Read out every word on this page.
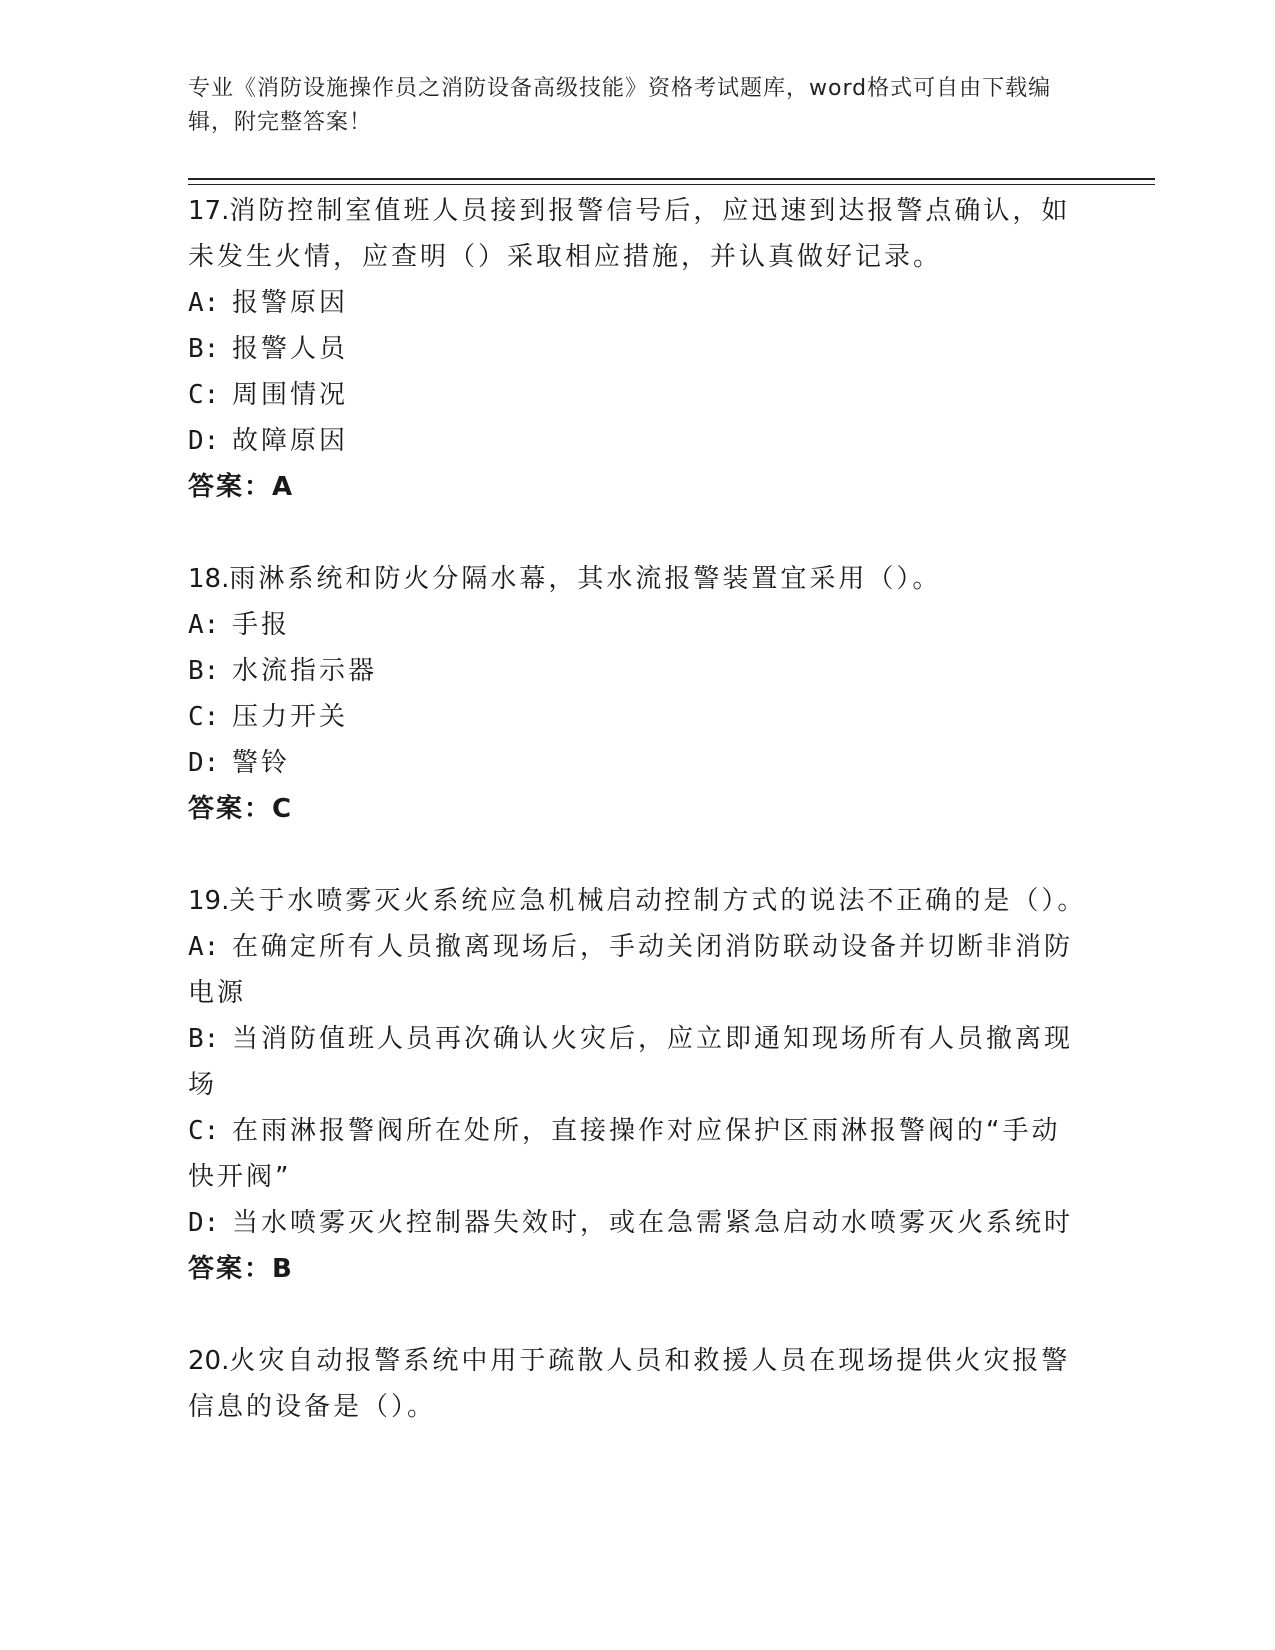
专业《消防设施操作员之消防设备高级技能》资格考试题库，word格式可自由下载编辑，附完整答案！

17.消防控制室值班人员接到报警信号后，应迅速到达报警点确认，如未发生火情，应查明（）采取相应措施，并认真做好记录。

A: 报警原因

B: 报警人员

C: 周围情况

D: 故障原因

答案：A

18.雨淋系统和防火分隔水幕，其水流报警装置宜采用（）。

A: 手报

B: 水流指示器

C: 压力开关

D: 警铃

答案：C

19.关于水喷雾灭火系统应急机械启动控制方式的说法不正确的是（）。

A: 在确定所有人员撤离现场后，手动关闭消防联动设备并切断非消防电源

B: 当消防值班人员再次确认火灾后，应立即通知现场所有人员撤离现场

C: 在雨淋报警阀所在处所，直接操作对应保护区雨淋报警阀的“手动快开阀”

D: 当水喷雾灭火控制器失效时，或在急需紧急启动水喷雾灭火系统时

答案：B

20.火灾自动报警系统中用于疏散人员和救援人员在现场提供火灾报警信息的设备是（）。
